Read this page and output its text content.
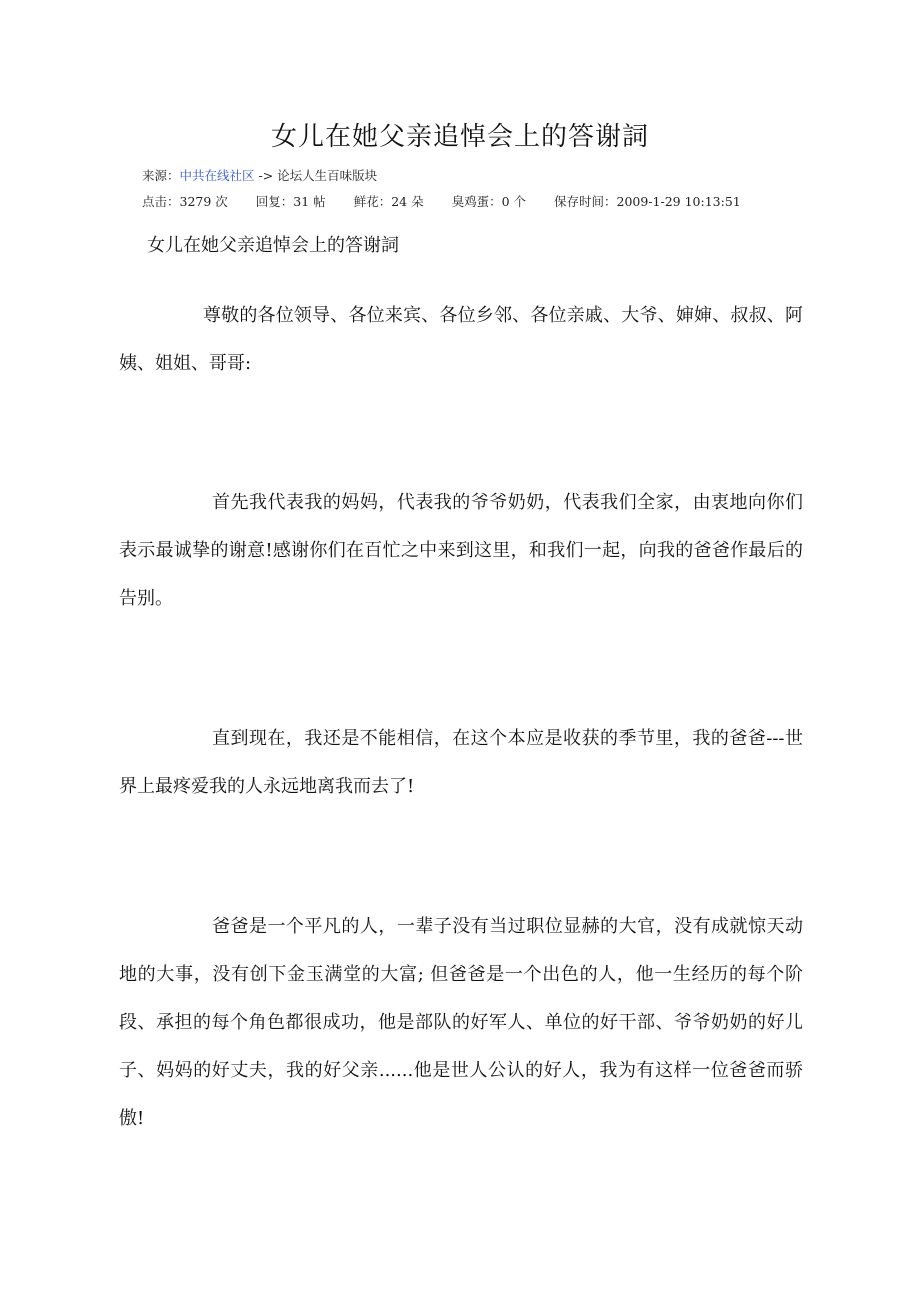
女儿在她父亲追悼会上的答谢詞
来源：中共在线社区 -> 论坛人生百味版块
点击：3279 次 回复：31 帖 鲜花：24 朵 臭鸡蛋：0 个 保存时间：2009-1-29 10:13:51

女儿在她父亲追悼会上的答谢詞

尊敬的各位领导、各位来宾、各位乡邻、各位亲戚、大爷、婶婶、叔叔、阿姨、姐姐、哥哥:

首先我代表我的妈妈，代表我的爷爷奶奶，代表我们全家，由衷地向你们表示最诚挚的谢意!感谢你们在百忙之中来到这里，和我们一起，向我的爸爸作最后的告别。

直到现在，我还是不能相信，在这个本应是收获的季节里，我的爸爸---世界上最疼爱我的人永远地离我而去了!

爸爸是一个平凡的人，一辈子没有当过职位显赫的大官，没有成就惊天动地的大事，没有创下金玉满堂的大富; 但爸爸是一个出色的人，他一生经历的每个阶段、承担的每个角色都很成功，他是部队的好军人、单位的好干部、爷爷奶奶的好儿子、妈妈的好丈夫，我的好父亲......他是世人公认的好人，我为有这样一位爸爸而骄傲!
